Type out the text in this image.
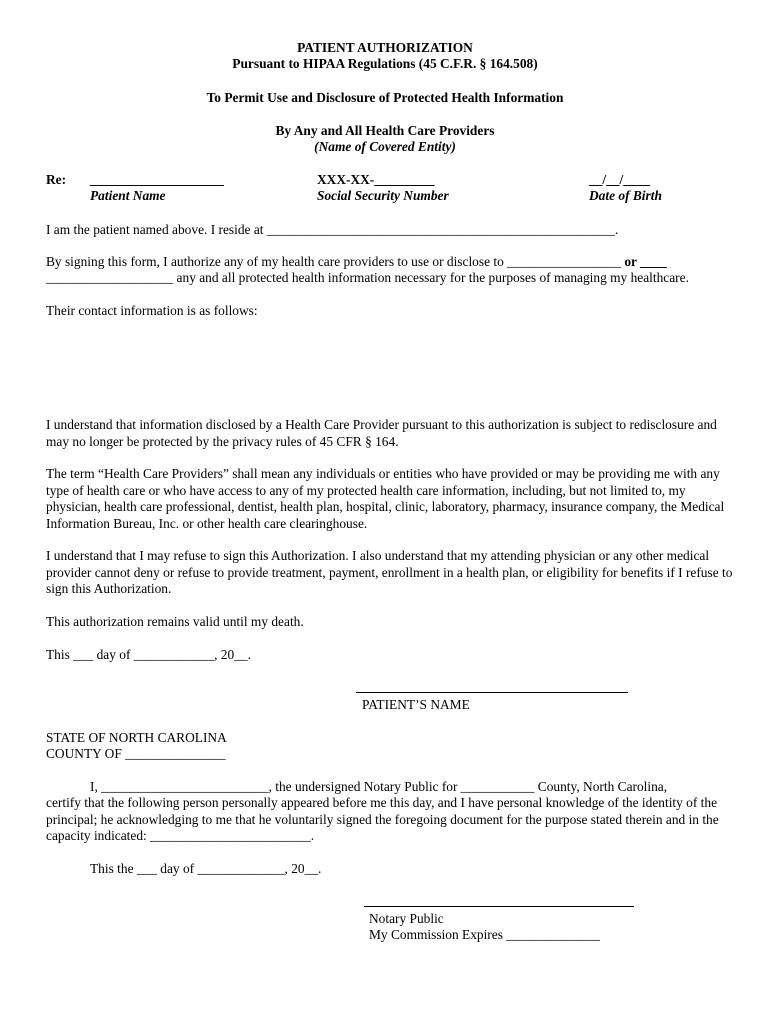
PATIENT AUTHORIZATION
Pursuant to HIPAA Regulations (45 C.F.R. § 164.508)
To Permit Use and Disclosure of Protected Health Information
By Any and All Health Care Providers
(Name of Covered Entity)
Re: ____________________
Patient Name
XXX-XX-_________
Social Security Number
__/__/____
Date of Birth
I am the patient named above. I reside at ____________________________________________________.
By signing this form, I authorize any of my health care providers to use or disclose to _________________ or ____
___________________ any and all protected health information necessary for the purposes of managing my healthcare.
Their contact information is as follows:
I understand that information disclosed by a Health Care Provider pursuant to this authorization is subject to redisclosure and may no longer be protected by the privacy rules of 45 CFR § 164.
The term “Health Care Providers” shall mean any individuals or entities who have provided or may be providing me with any type of health care or who have access to any of my protected health care information, including, but not limited to, my physician, health care professional, dentist, health plan, hospital, clinic, laboratory, pharmacy, insurance company, the Medical Information Bureau, Inc. or other health care clearinghouse.
I understand that I may refuse to sign this Authorization. I also understand that my attending physician or any other medical provider cannot deny or refuse to provide treatment, payment, enrollment in a health plan, or eligibility for benefits if I refuse to sign this Authorization.
This authorization remains valid until my death.
This ___ day of ____________, 20__.
PATIENT’S NAME
STATE OF NORTH CAROLINA
COUNTY OF _______________
I, _________________________, the undersigned Notary Public for ___________ County, North Carolina,
certify that the following person personally appeared before me this day, and I have personal knowledge of the identity of the principal; he acknowledging to me that he voluntarily signed the foregoing document for the purpose stated therein and in the capacity indicated: ________________________.
This the ___ day of _____________, 20__.
Notary Public
My Commission Expires ______________
